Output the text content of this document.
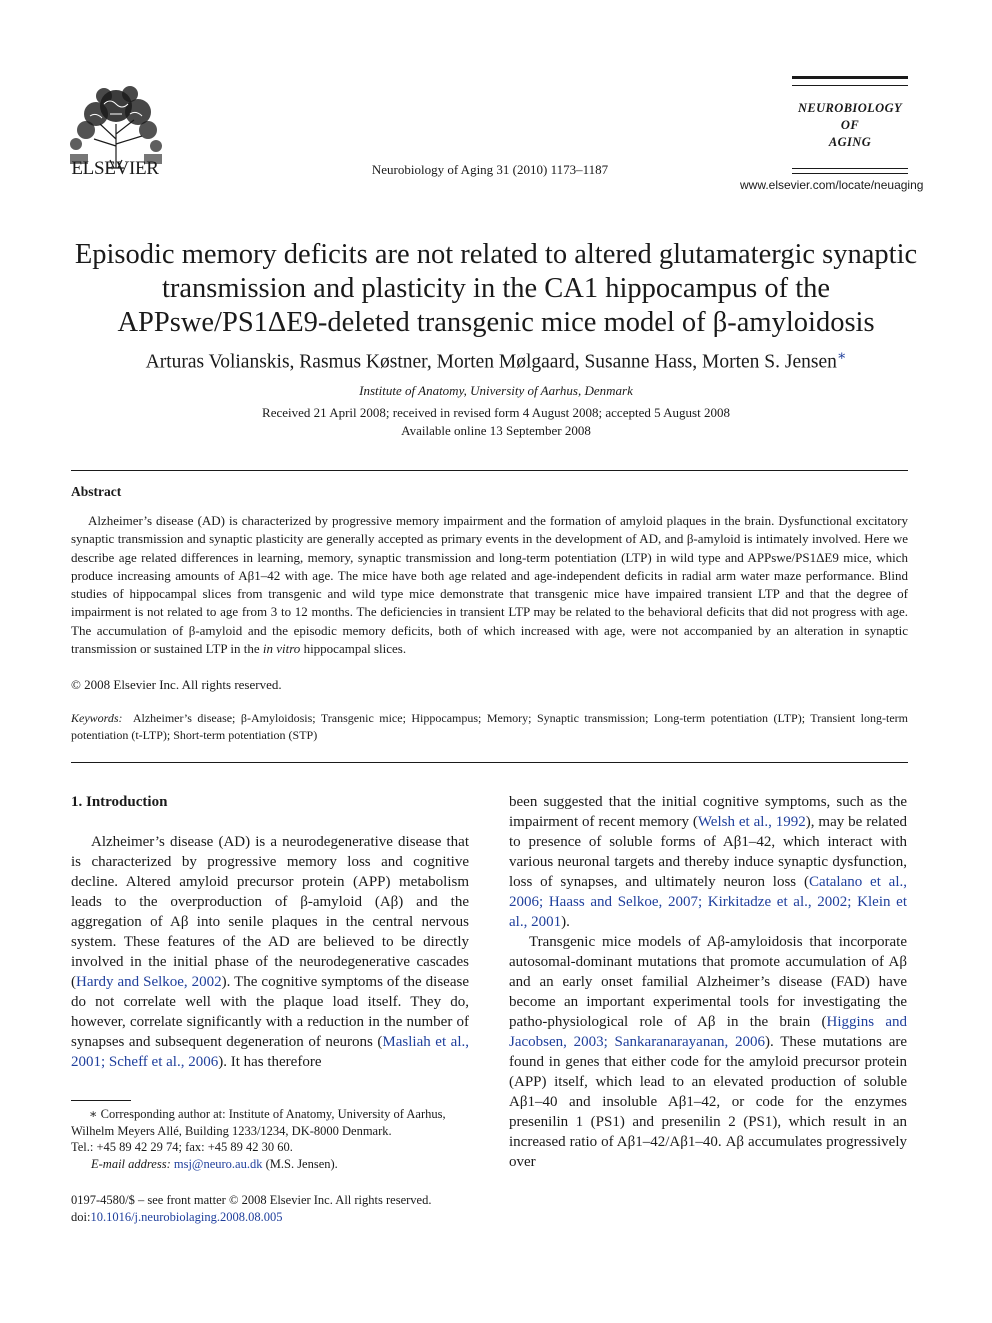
ELSEVIER	Neurobiology of Aging 31 (2010) 1173–1187
NEUROBIOLOGY
OF
AGING
www.elsevier.com/locate/neuaging
Episodic memory deficits are not related to altered glutamatergic synaptic
transmission and plasticity in the CA1 hippocampus of the
APPswe/PS1ΔE9-deleted transgenic mice model of β-amyloidosis
Arturas Volianskis, Rasmus Køstner, Morten Mølgaard, Susanne Hass, Morten S. Jensen∗
Institute of Anatomy, University of Aarhus, Denmark
Received 21 April 2008; received in revised form 4 August 2008; accepted 5 August 2008
Available online 13 September 2008
Abstract
Alzheimer’s disease (AD) is characterized by progressive memory impairment and the formation of amyloid plaques in the brain. Dysfunctional excitatory synaptic transmission and synaptic plasticity are generally accepted as primary events in the development of AD, and β-amyloid is intimately involved. Here we describe age related differences in learning, memory, synaptic transmission and long-term potentiation (LTP) in wild type and APPswe/PS1ΔE9 mice, which produce increasing amounts of Aβ1–42 with age. The mice have both age related and age-independent deficits in radial arm water maze performance. Blind studies of hippocampal slices from transgenic and wild type mice demonstrate that transgenic mice have impaired transient LTP and that the degree of impairment is not related to age from 3 to 12 months. The deficiencies in transient LTP may be related to the behavioral deficits that did not progress with age. The accumulation of β-amyloid and the episodic memory deficits, both of which increased with age, were not accompanied by an alteration in synaptic transmission or sustained LTP in the in vitro hippocampal slices.
© 2008 Elsevier Inc. All rights reserved.
Keywords: Alzheimer’s disease; β-Amyloidosis; Transgenic mice; Hippocampus; Memory; Synaptic transmission; Long-term potentiation (LTP); Transient long-term potentiation (t-LTP); Short-term potentiation (STP)
1. Introduction

Alzheimer’s disease (AD) is a neurodegenerative disease that is characterized by progressive memory loss and cognitive decline. Altered amyloid precursor protein (APP) metabolism leads to the overproduction of β-amyloid (Aβ) and the aggregation of Aβ into senile plaques in the central nervous system. These features of the AD are believed to be directly involved in the initial phase of the neurodegenerative cascades (Hardy and Selkoe, 2002). The cognitive symptoms of the disease do not correlate well with the plaque load itself. They do, however, correlate significantly with a reduction in the number of synapses and subsequent degeneration of neurons (Masliah et al., 2001; Scheff et al., 2006). It has therefore

been suggested that the initial cognitive symptoms, such as the impairment of recent memory (Welsh et al., 1992), may be related to presence of soluble forms of Aβ1–42, which interact with various neuronal targets and thereby induce synaptic dysfunction, loss of synapses, and ultimately neuron loss (Catalano et al., 2006; Haass and Selkoe, 2007; Kirkitadze et al., 2002; Klein et al., 2001).

Transgenic mice models of Aβ-amyloidosis that incorporate autosomal-dominant mutations that promote accumulation of Aβ and an early onset familial Alzheimer’s disease (FAD) have become an important experimental tools for investigating the patho-physiological role of Aβ in the brain (Higgins and Jacobsen, 2003; Sankaranarayanan, 2006). These mutations are found in genes that either code for the amyloid precursor protein (APP) itself, which lead to an elevated production of soluble Aβ1–40 and insoluble Aβ1–42, or code for the enzymes presenilin 1 (PS1) and presenilin 2 (PS1), which result in an increased ratio of Aβ1–42/Aβ1–40. Aβ accumulates progressively over

∗ Corresponding author at: Institute of Anatomy, University of Aarhus, Wilhelm Meyers Allé, Building 1233/1234, DK-8000 Denmark.
Tel.: +45 89 42 29 74; fax: +45 89 42 30 60.
E-mail address: msj@neuro.au.dk (M.S. Jensen).
0197-4580/$ – see front matter © 2008 Elsevier Inc. All rights reserved.
doi:10.1016/j.neurobiolaging.2008.08.005
